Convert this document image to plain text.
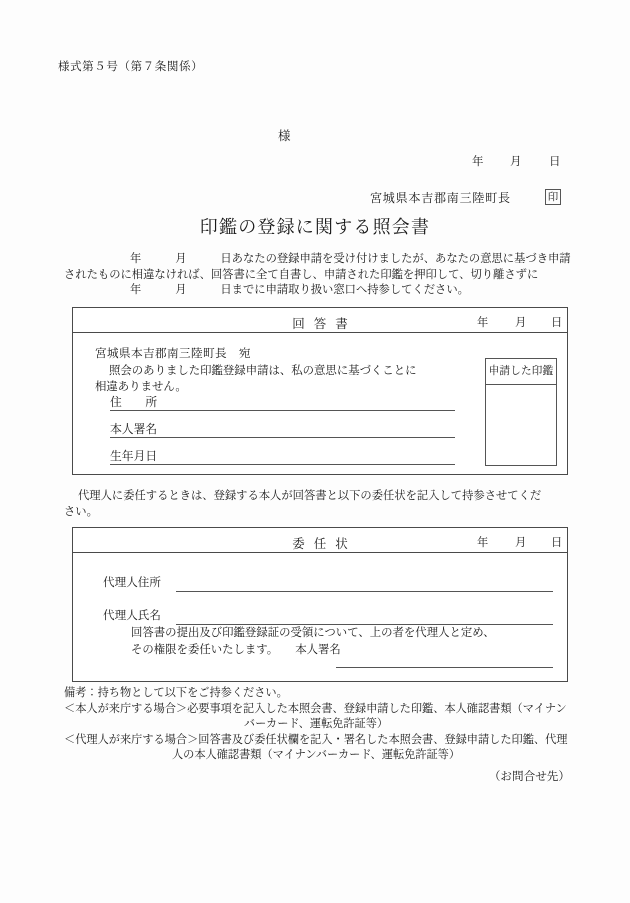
様式第５号（第７条関係）
様
年 月 日
宮城県本吉郡南三陸町長	印
印鑑の登録に関する照会書
年　　　月　　　日あなたの登録申請を受け付けましたが、あなたの意思に基づき申請
されたものに相違なければ、回答書に全て自書し、申請された印鑑を押印して、切り離さずに
年　　　月　　　日までに申請取り扱い窓口へ持参してください。
回答書	年 月 日
宮城県本吉郡南三陸町長　宛
照会のありました印鑑登録申請は、私の意思に基づくことに
相違ありません。
住　　所
本人署名
生年月日
申請した印鑑
代理人に委任するときは、登録する本人が回答書と以下の委任状を記入して持参させてくだ
さい。
委任状	年 月 日
代理人住所
代理人氏名
回答書の提出及び印鑑登録証の受領について、上の者を代理人と定め、
その権限を委任いたします。　　本人署名
備考：持ち物として以下をご持参ください。
＜本人が来庁する場合＞必要事項を記入した本照会書、登録申請した印鑑、本人確認書類（マイナン
バーカード、運転免許証等）
＜代理人が来庁する場合＞回答書及び委任状欄を記入・署名した本照会書、登録申請した印鑑、代理
人の本人確認書類（マイナンバーカード、運転免許証等）
（お問合せ先）
